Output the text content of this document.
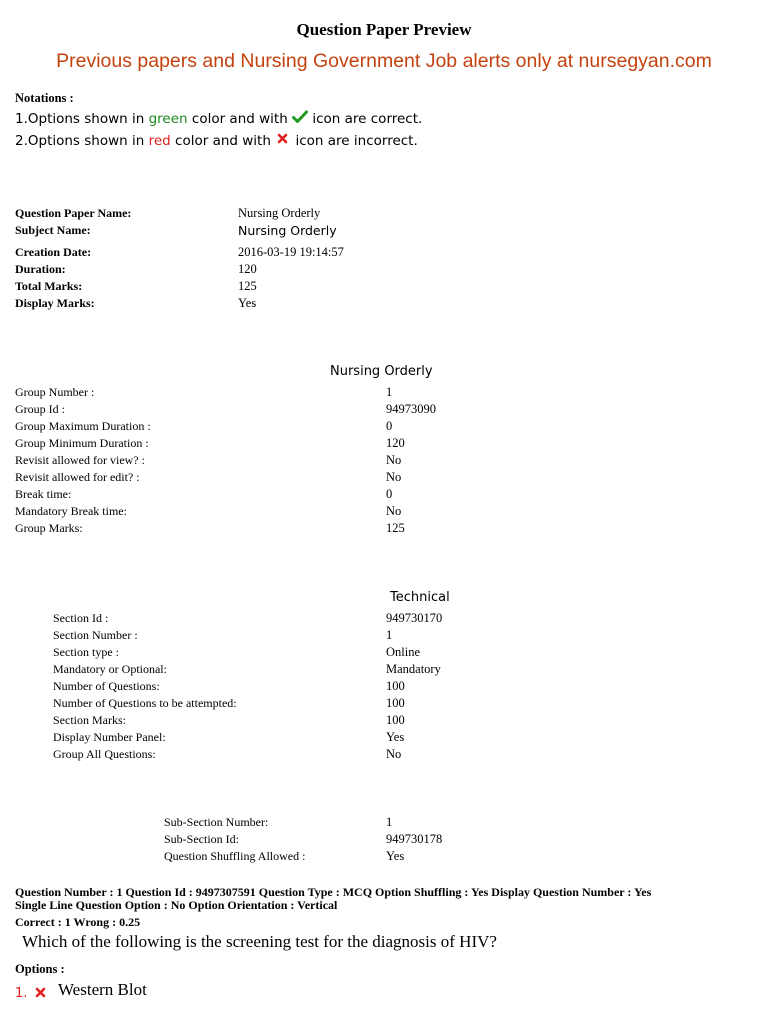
Question Paper Preview
Previous papers and Nursing Government Job alerts only at nursegyan.com
Notations :
1.Options shown in green color and with  icon are correct.
2.Options shown in red color and with  icon are incorrect.
Question Paper Name:	Nursing Orderly
Subject Name:	Nursing Orderly
Creation Date:	2016-03-19 19:14:57
Duration:	120
Total Marks:	125
Display Marks:	Yes
Nursing Orderly
Group Number :	1
Group Id :	94973090
Group Maximum Duration :	0
Group Minimum Duration :	120
Revisit allowed for view? :	No
Revisit allowed for edit? :	No
Break time:	0
Mandatory Break time:	No
Group Marks:	125
Technical
Section Id :	949730170
Section Number :	1
Section type :	Online
Mandatory or Optional:	Mandatory
Number of Questions:	100
Number of Questions to be attempted:	100
Section Marks:	100
Display Number Panel:	Yes
Group All Questions:	No
Sub-Section Number:	1
Sub-Section Id:	949730178
Question Shuffling Allowed :	Yes
Question Number : 1 Question Id : 9497307591 Question Type : MCQ Option Shuffling : Yes Display Question Number : Yes
Single Line Question Option : No Option Orientation : Vertical
Correct : 1 Wrong : 0.25
Which of the following is the screening test for the diagnosis of HIV?
Options :
1. Western Blot
